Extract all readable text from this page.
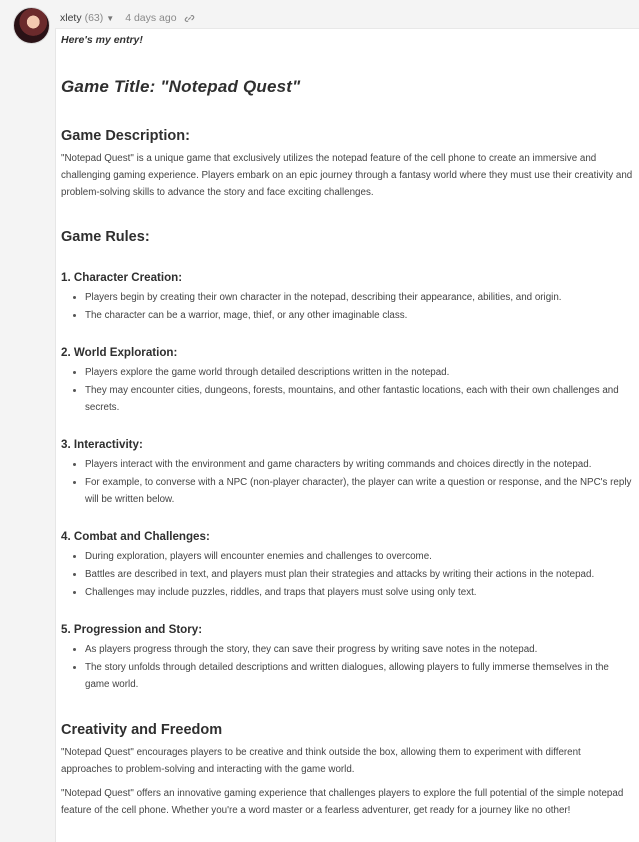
xlety (63) ▼ 4 days ago

Here's my entry!

Game Title: "Notepad Quest"
Game Description:

"Notepad Quest" is a unique game that exclusively utilizes the notepad feature of the cell phone to create an immersive and challenging gaming experience. Players embark on an epic journey through a fantasy world where they must use their creativity and problem-solving skills to advance the story and face exciting challenges.

Game Rules:
1. Character Creation:
• Players begin by creating their own character in the notepad, describing their appearance, abilities, and origin.
• The character can be a warrior, mage, thief, or any other imaginable class.
2. World Exploration:
• Players explore the game world through detailed descriptions written in the notepad.
• They may encounter cities, dungeons, forests, mountains, and other fantastic locations, each with their own challenges and secrets.
3. Interactivity:
• Players interact with the environment and game characters by writing commands and choices directly in the notepad.
• For example, to converse with a NPC (non-player character), the player can write a question or response, and the NPC's reply will be written below.
4. Combat and Challenges:
• During exploration, players will encounter enemies and challenges to overcome.
• Battles are described in text, and players must plan their strategies and attacks by writing their actions in the notepad.
• Challenges may include puzzles, riddles, and traps that players must solve using only text.
5. Progression and Story:
• As players progress through the story, they can save their progress by writing save notes in the notepad.
• The story unfolds through detailed descriptions and written dialogues, allowing players to fully immerse themselves in the game world.
Creativity and Freedom

"Notepad Quest" encourages players to be creative and think outside the box, allowing them to experiment with different approaches to problem-solving and interacting with the game world.

"Notepad Quest" offers an innovative gaming experience that challenges players to explore the full potential of the simple notepad feature of the cell phone. Whether you're a word master or a fearless adventurer, get ready for a journey like no other!
